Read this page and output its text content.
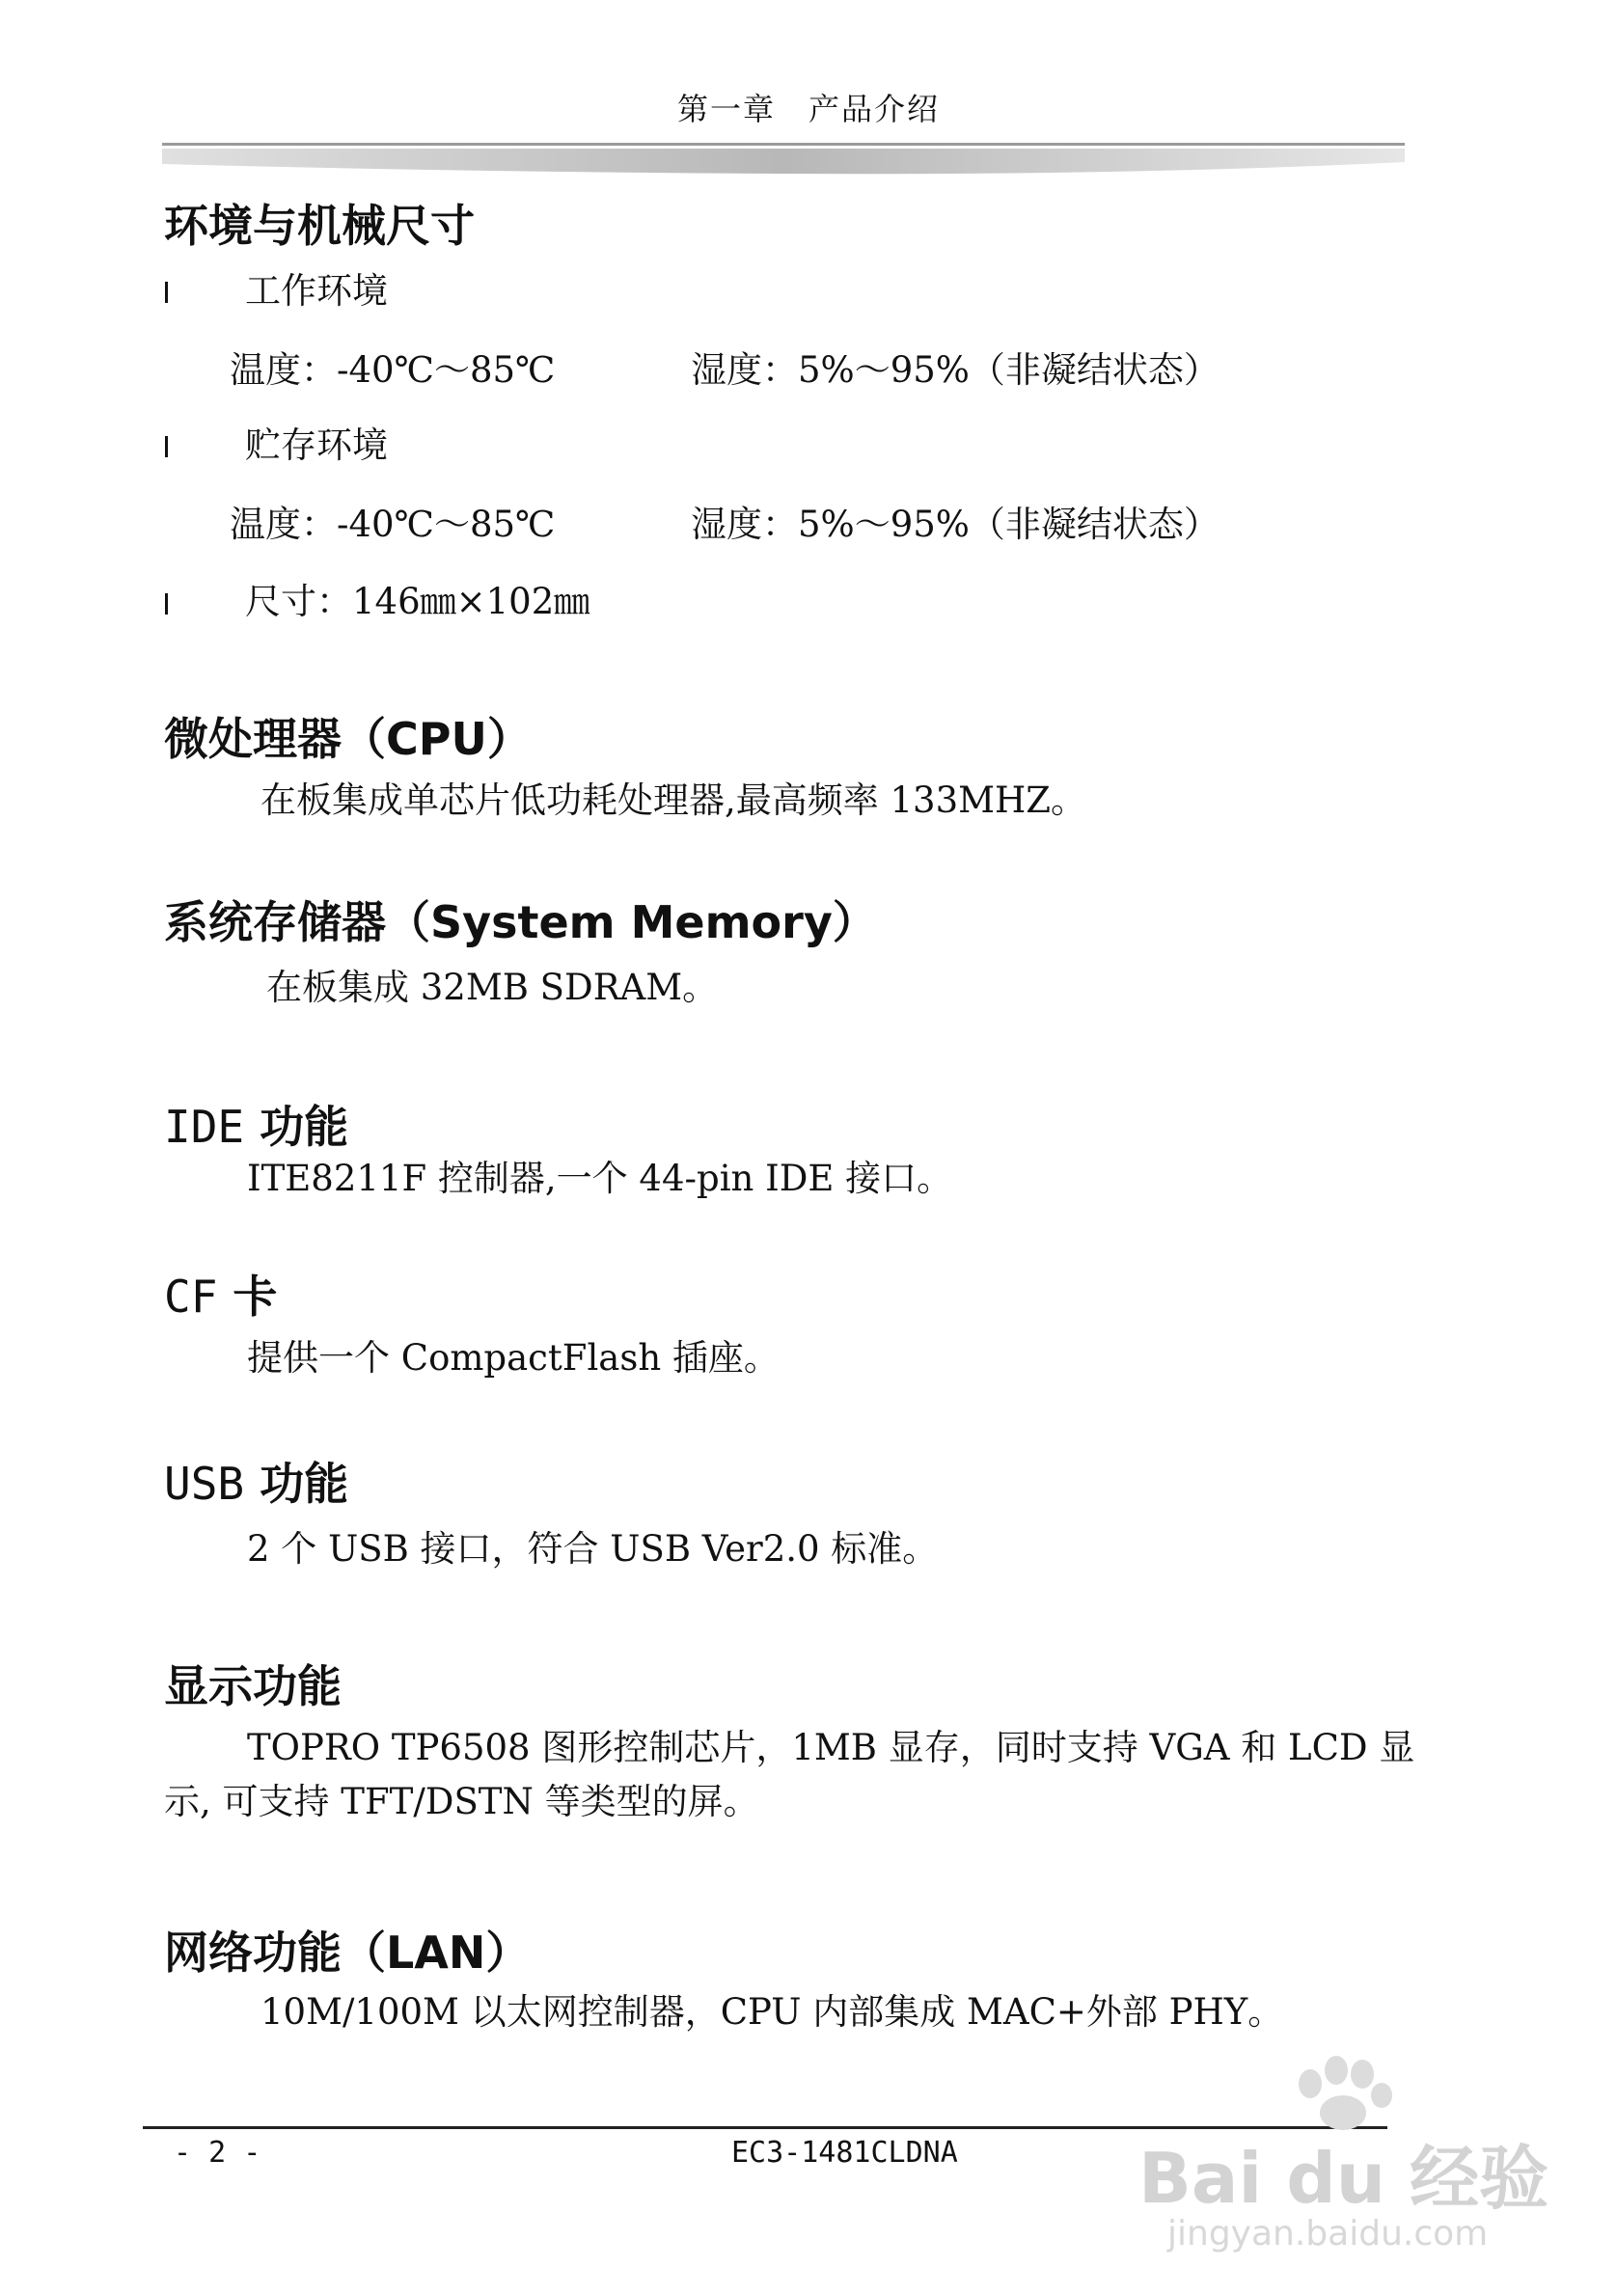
第一章　产品介绍
环境与机械尺寸
工作环境
温度：-40℃～85℃	湿度：5%～95%（非凝结状态）
贮存环境
温度：-40℃～85℃	湿度：5%～95%（非凝结状态）
尺寸：146㎜×102㎜
微处理器（CPU）
在板集成单芯片低功耗处理器,最高频率 133MHZ。
系统存储器（System Memory）
在板集成 32MB SDRAM。
IDE 功能
ITE8211F 控制器,一个 44-pin IDE 接口。
CF 卡
提供一个 CompactFlash 插座。
USB 功能
2 个 USB 接口，符合 USB Ver2.0 标准。
显示功能
TOPRO TP6508 图形控制芯片，1MB 显存，同时支持 VGA 和 LCD 显
示, 可支持 TFT/DSTN 等类型的屏。
网络功能（LAN）
10M/100M 以太网控制器，CPU 内部集成 MAC+外部 PHY。
- 2 -	EC3-1481CLDNA	Bai du 经验
jingyan.baidu.com
